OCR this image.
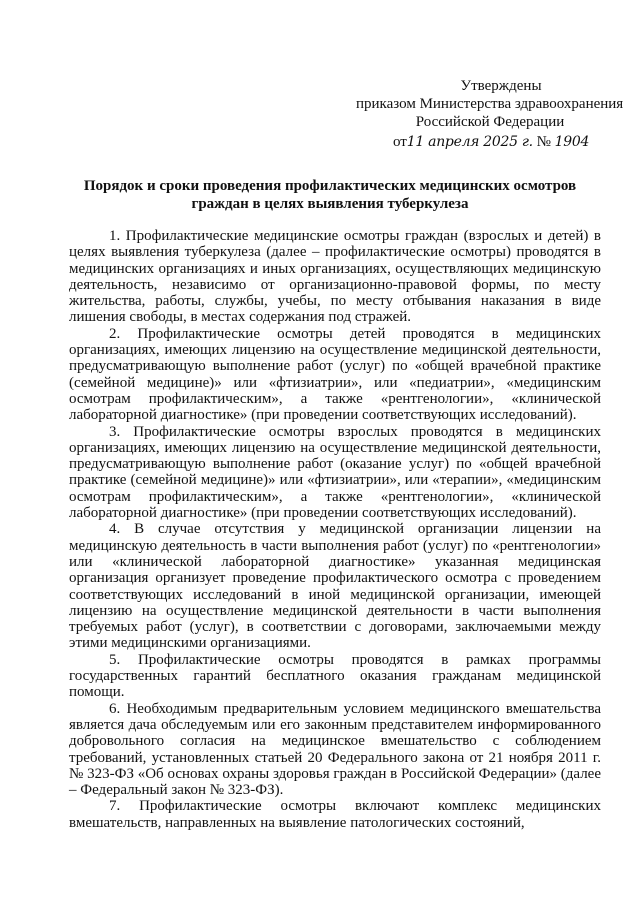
Утверждены
приказом Министерства здравоохранения
Российской Федерации
от11 апреля 2025 г. № 1904
Порядок и сроки проведения профилактических медицинских осмотров
граждан в целях выявления туберкулеза

1. Профилактические медицинские осмотры граждан (взрослых и детей) в целях выявления туберкулеза (далее – профилактические осмотры) проводятся в медицинских организациях и иных организациях, осуществляющих медицинскую деятельность, независимо от организационно-правовой формы, по месту жительства, работы, службы, учебы, по месту отбывания наказания в виде лишения свободы, в местах содержания под стражей.

2. Профилактические осмотры детей проводятся в медицинских организациях, имеющих лицензию на осуществление медицинской деятельности, предусматривающую выполнение работ (услуг) по «общей врачебной практике (семейной медицине)» или «фтизиатрии», или «педиатрии», «медицинским осмотрам профилактическим», а также «рентгенологии», «клинической лабораторной диагностике» (при проведении соответствующих исследований).

3. Профилактические осмотры взрослых проводятся в медицинских организациях, имеющих лицензию на осуществление медицинской деятельности, предусматривающую выполнение работ (оказание услуг) по «общей врачебной практике (семейной медицине)» или «фтизиатрии», или «терапии», «медицинским осмотрам профилактическим», а также «рентгенологии», «клинической лабораторной диагностике» (при проведении соответствующих исследований).

4. В случае отсутствия у медицинской организации лицензии на медицинскую деятельность в части выполнения работ (услуг) по «рентгенологии» или «клинической лабораторной диагностике» указанная медицинская организация организует проведение профилактического осмотра с проведением соответствующих исследований в иной медицинской организации, имеющей лицензию на осуществление медицинской деятельности в части выполнения требуемых работ (услуг), в соответствии с договорами, заключаемыми между этими медицинскими организациями.

5. Профилактические осмотры проводятся в рамках программы государственных гарантий бесплатного оказания гражданам медицинской помощи.

6. Необходимым предварительным условием медицинского вмешательства является дача обследуемым или его законным представителем информированного добровольного согласия на медицинское вмешательство с соблюдением требований, установленных статьей 20 Федерального закона от 21 ноября 2011 г. № 323-ФЗ «Об основах охраны здоровья граждан в Российской Федерации» (далее – Федеральный закон № 323-ФЗ).

7. Профилактические осмотры включают комплекс медицинских вмешательств, направленных на выявление патологических состояний,
